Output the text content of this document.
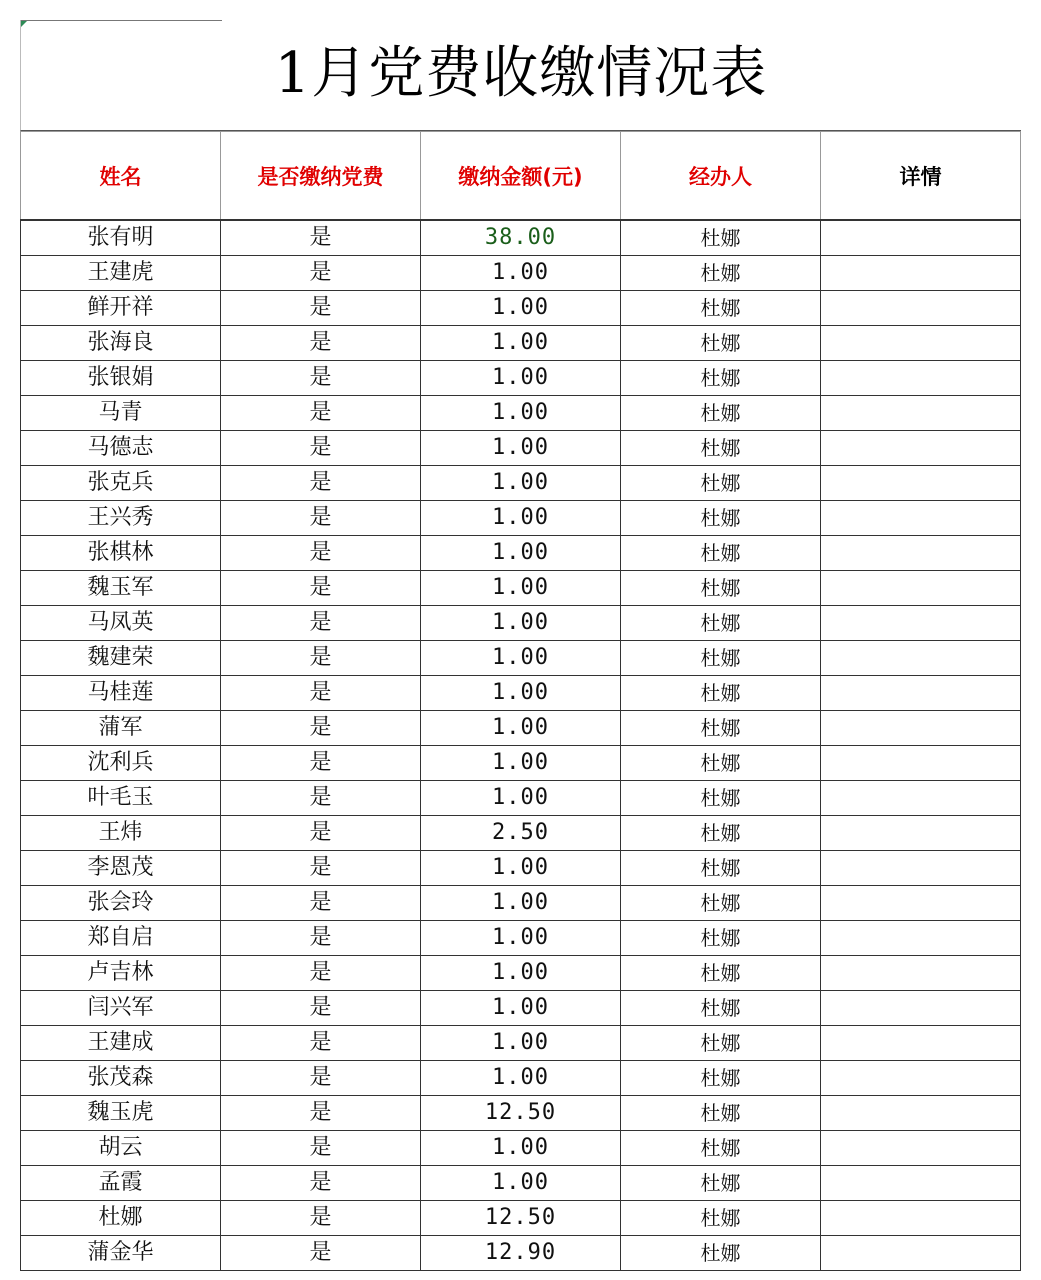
1月党费收缴情况表
姓名	是否缴纳党费	缴纳金额(元)	经办人	详情
张有明	是	38.00	杜娜	
王建虎	是	1.00	杜娜	
鲜开祥	是	1.00	杜娜	
张海良	是	1.00	杜娜	
张银娟	是	1.00	杜娜	
马青	是	1.00	杜娜	
马德志	是	1.00	杜娜	
张克兵	是	1.00	杜娜	
王兴秀	是	1.00	杜娜	
张棋林	是	1.00	杜娜	
魏玉军	是	1.00	杜娜	
马凤英	是	1.00	杜娜	
魏建荣	是	1.00	杜娜	
马桂莲	是	1.00	杜娜	
蒲军	是	1.00	杜娜	
沈利兵	是	1.00	杜娜	
叶毛玉	是	1.00	杜娜	
王炜	是	2.50	杜娜	
李恩茂	是	1.00	杜娜	
张会玲	是	1.00	杜娜	
郑自启	是	1.00	杜娜	
卢吉林	是	1.00	杜娜	
闫兴军	是	1.00	杜娜	
王建成	是	1.00	杜娜	
张茂森	是	1.00	杜娜	
魏玉虎	是	12.50	杜娜	
胡云	是	1.00	杜娜	
孟霞	是	1.00	杜娜	
杜娜	是	12.50	杜娜	
蒲金华	是	12.90	杜娜	
